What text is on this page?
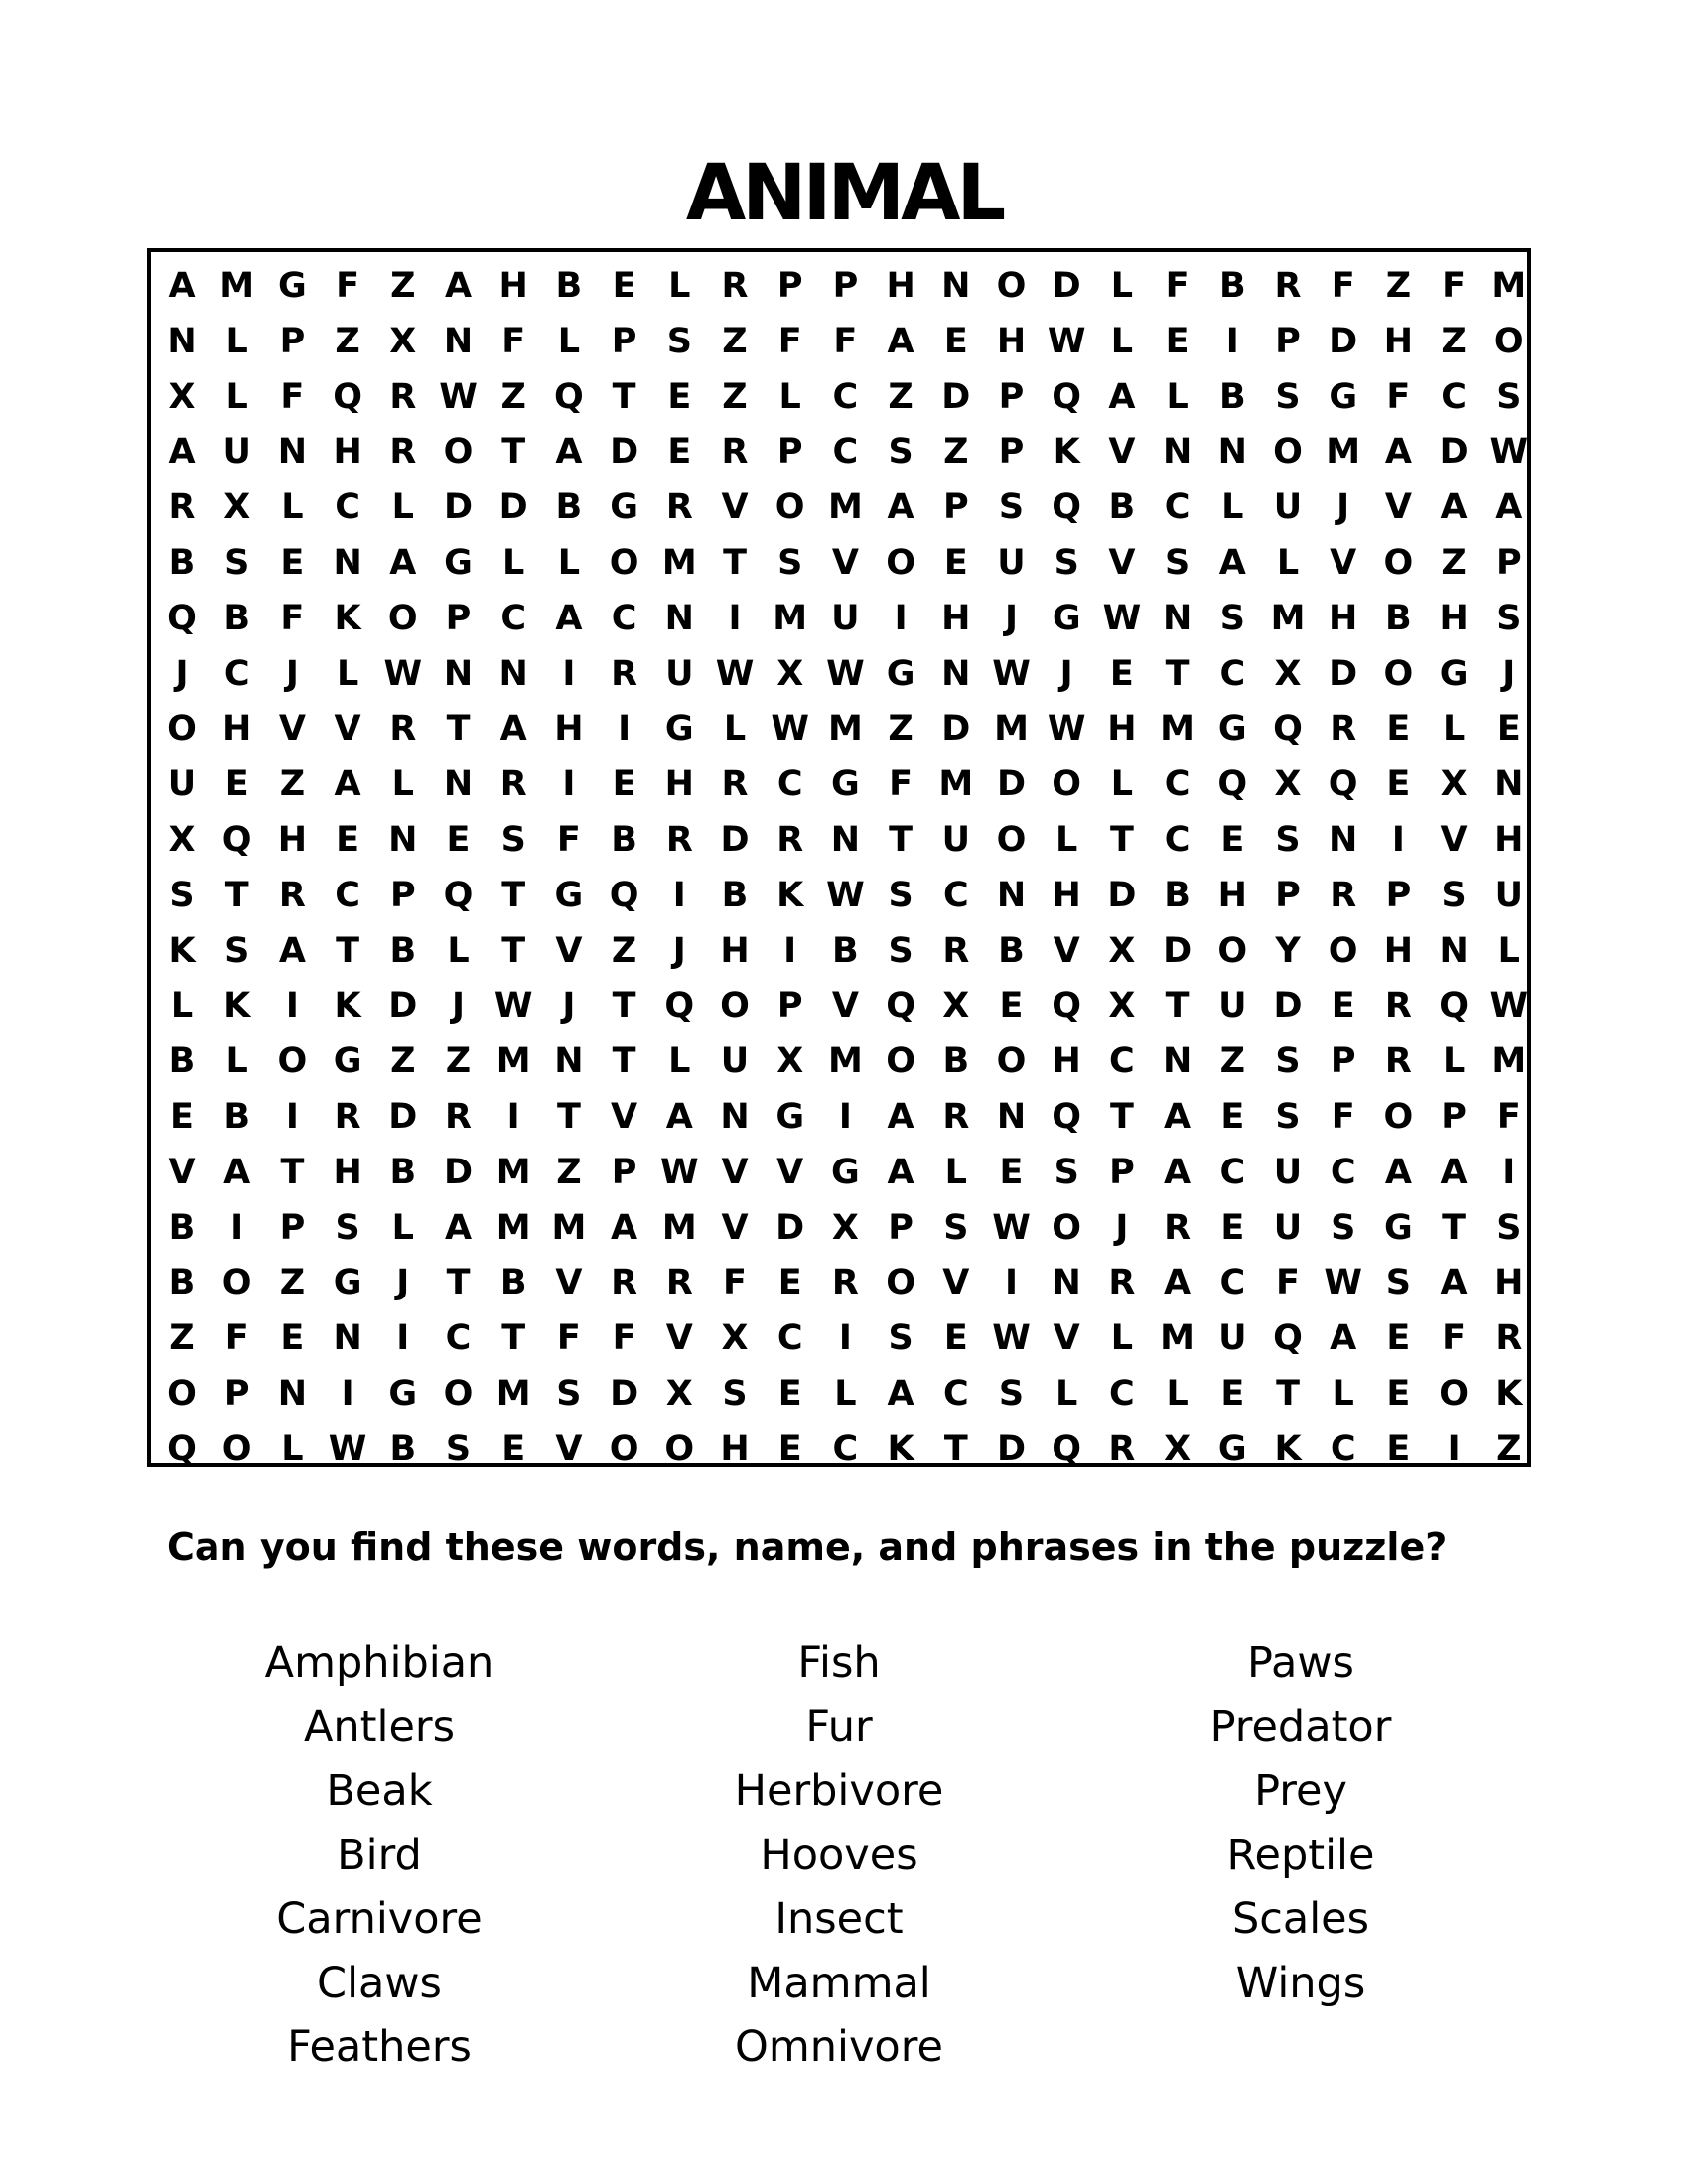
ANIMAL
A M G F Z A H B E L R P P H N O D L F B R F Z F M
N L P Z X N F L P S Z F F A E H W L E	I	P D H Z O
X L F Q R W Z Q T E Z L C Z D P Q A L B S G F C S
A U N H R O T A D E R P C S Z P K V N N O M A D W
R X L C L D D B G R V O M A P S Q B C L U J	V A A
B S E N A G L L O M T S V O E U S V S A L V O Z P
Q B F K O P C A C N I M U I H J G W N S M H B H S
J	C	J	L W N N I	R U W X W G N W J	E T C X D O G J
O H V V R T A H I G L W M Z D M W H M G Q R E L E
U E Z A L N R	I	E H R C G F M D O L C Q X Q E X N
X Q H E N E S F B R D R N T U O L T C E S N I	V H
S T R C P Q T G Q I	B K W S C N H D B H P R P S U
K S A T B L T V Z	J H I	B S R B V X D O Y O H N L
L K	I	K D J W J	T Q O P V Q X E Q X T U D E R Q W
B L O G Z Z M N T L U X M O B O H C N Z S P R L M
E B	I	R D R	I	T V A N G I	A R N Q T A E S F O P F
V A T H B D M Z P W V V G A L E S P A C U C A A	I
B	I	P S L A M M A M V D X P S W O J	R E U S G T S
B O Z G J	T B V R R F E R O V	I N R A C F W S A H
Z F E N I	C T F F V X C	I	S E W V L M U Q A E F R
O P N I G O M S D X S E L A C S L C L E T L E O K
Q O L W B S E V O O H E C K T D Q R X G K C E	I	Z
Can you find these words, name, and phrases in the puzzle?
Amphibian
Antlers
Beak
Bird
Carnivore
Claws
Feathers
Fish
Fur
Herbivore
Hooves
Insect
Mammal
Omnivore
Paws
Predator
Prey
Reptile
Scales
Wings
